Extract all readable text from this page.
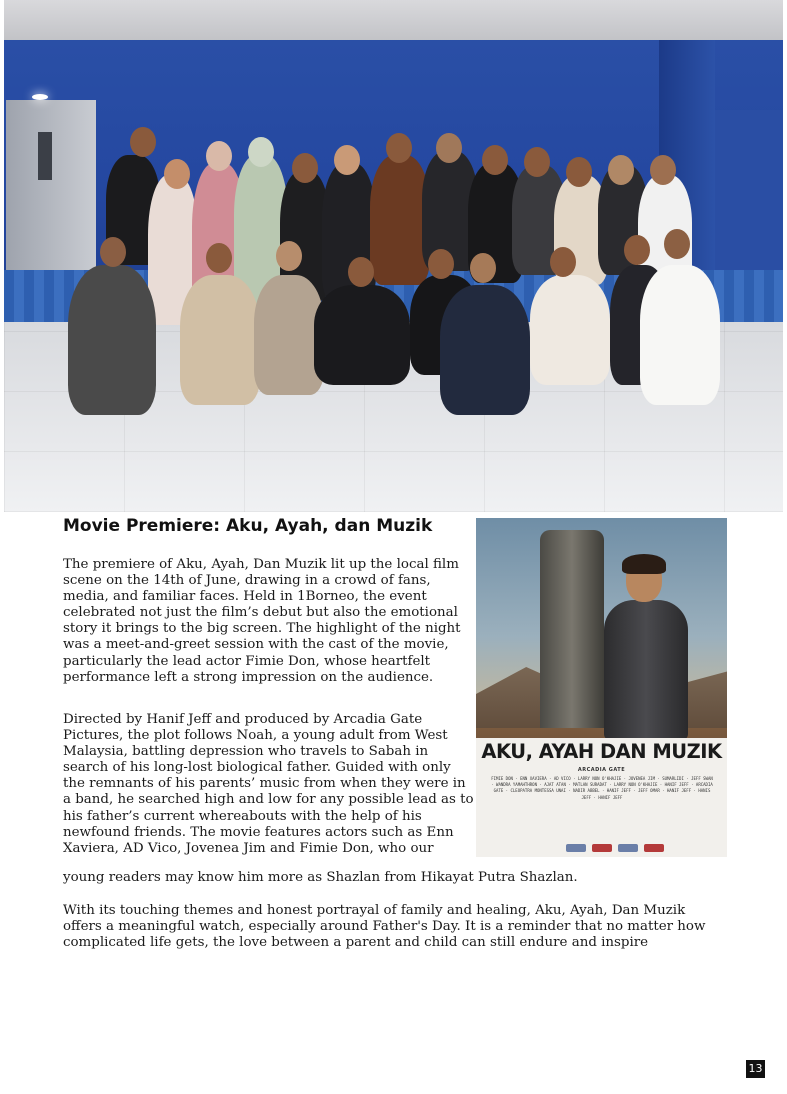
Movie Premiere: Aku, Ayah, dan Muzik

The premiere of Aku, Ayah, Dan Muzik lit up the local film scene on the 14th of June, drawing in a crowd of fans, media, and familiar faces. Held in 1Borneo, the event celebrated not just the film’s debut but also the emotional story it brings to the big screen. The highlight of the night was a meet-and-greet session with the cast of the movie, particularly the lead actor Fimie Don, whose heartfelt performance left a strong impression on the audience.

Directed by Hanif Jeff and produced by Arcadia Gate Pictures, the plot follows Noah, a young adult from West Malaysia, battling depression who travels to Sabah in search of his long-lost biological father. Guided with only the remnants of his parents’ music from when they were in a band, he searched high and low for any possible lead as to his father’s current whereabouts with the help of his newfound friends. The movie features actors such as Enn Xaviera, AD Vico, Jovenea Jim and Fimie Don, who our

young readers may know him more as Shazlan from Hikayat Putra Shazlan.

With its touching themes and honest portrayal of family and healing, Aku, Ayah, Dan Muzik offers a meaningful watch, especially around Father's Day. It is a reminder that no matter how complicated life gets, the love between a parent and child can still endure and inspire

AKU, AYAH DAN MUZIK
ARCADIA GATE
FIMIE DON · ENN XAVIERA · AD VICO · LARRY NON O'KHAJIE · JOVENEA JIM · SUMARLIDI · JEFF SWAN · WANDRA YAMAHTHRON · AJAT ATAN · MATLAN SURADAT · LARRY NON O'KHAJIE · HANIF JEFF · ARCADIA GATE · CLEOPATRA MONTESSA UNAI · NADIR ABBEL · HANIF JEFF · JEFF OMAR · HANIF JEFF · HANIS JEFF · HANIF JEFF
13
